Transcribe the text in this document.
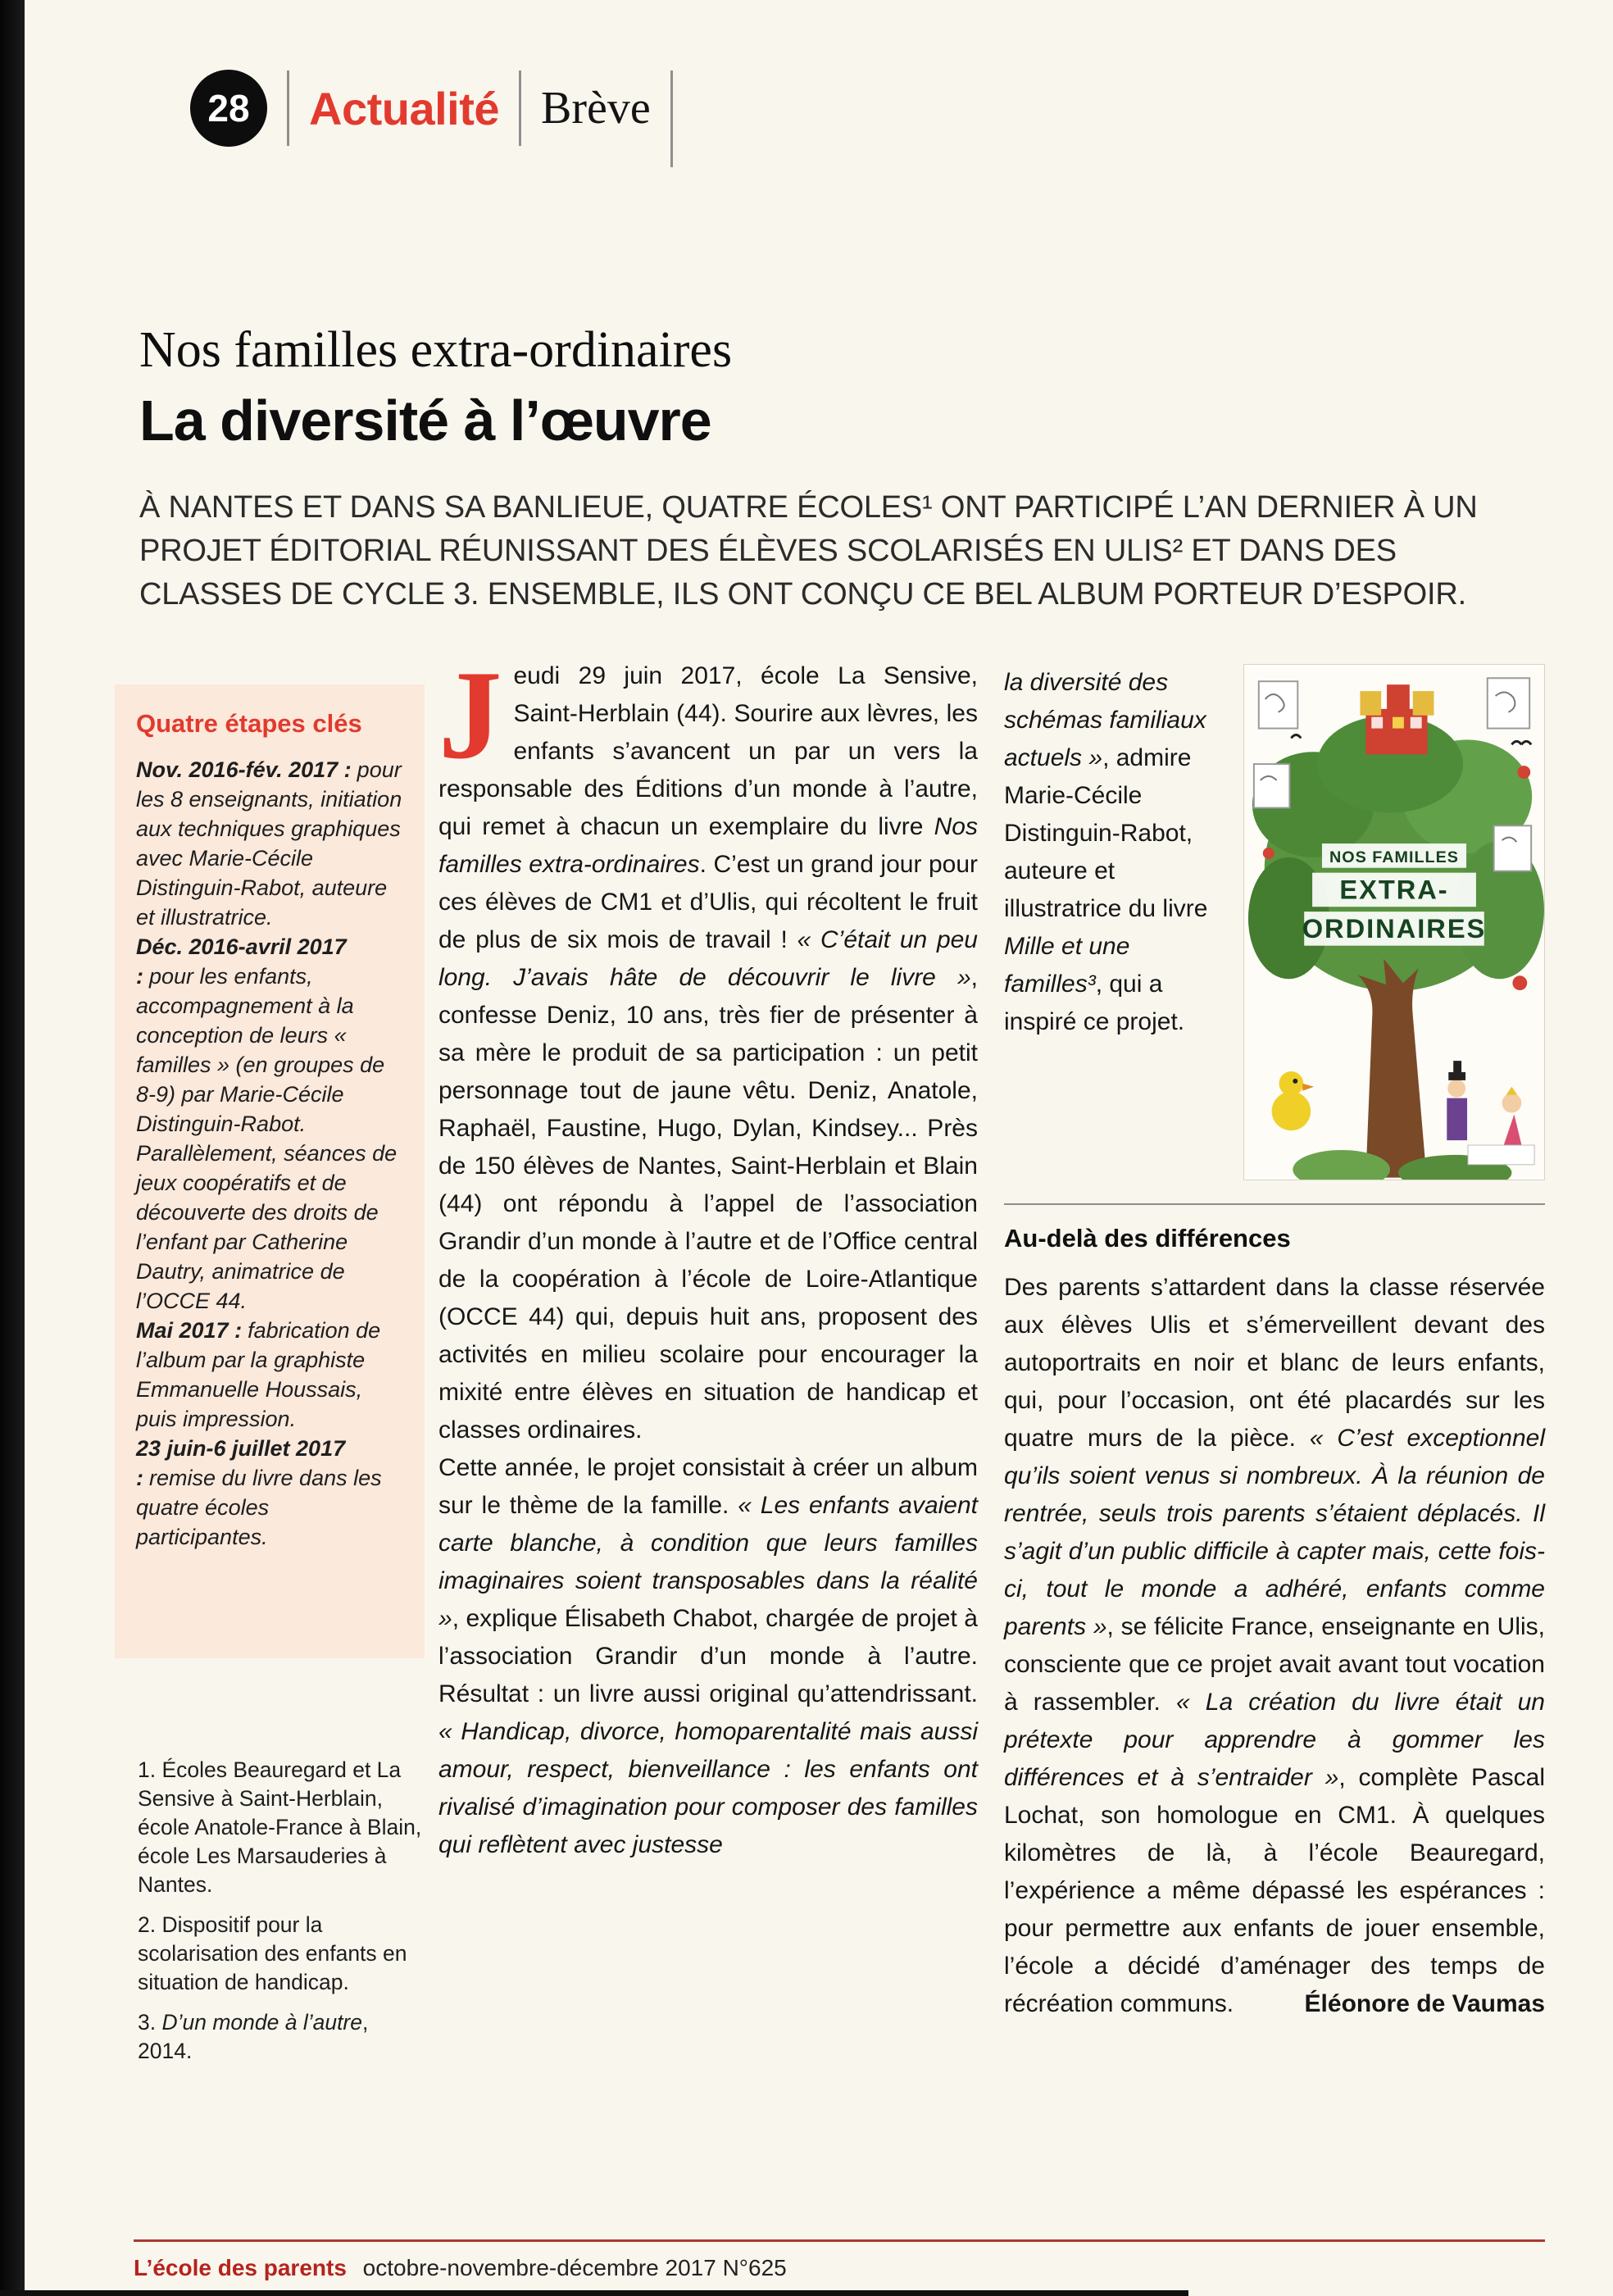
28	Actualité Brève
Nos familles extra-ordinaires
La diversité à l’œuvre

À NANTES ET DANS SA BANLIEUE, QUATRE ÉCOLES¹ ONT PARTICIPÉ L’AN DERNIER À UN PROJET ÉDITORIAL RÉUNISSANT DES ÉLÈVES SCOLARISÉS EN ULIS² ET DANS DES CLASSES DE CYCLE 3. ENSEMBLE, ILS ONT CONÇU CE BEL ALBUM PORTEUR D’ESPOIR.

Quatre étapes clés

Nov. 2016-fév. 2017 : pour les 8 enseignants, initiation aux techniques graphiques avec Marie-Cécile Distinguin-Rabot, auteure et illustratrice.

Déc. 2016-avril 2017 : pour les enfants, accompagnement à la conception de leurs « familles » (en groupes de 8-9) par Marie-Cécile Distinguin-Rabot. Parallèlement, séances de jeux coopératifs et de découverte des droits de l’enfant par Catherine Dautry, animatrice de l’OCCE 44.

Mai 2017 : fabrication de l’album par la graphiste Emmanuelle Houssais, puis impression.

23 juin-6 juillet 2017 : remise du livre dans les quatre écoles participantes.

1. Écoles Beauregard et La Sensive à Saint-Herblain, école Anatole-France à Blain, école Les Marsauderies à Nantes.

2. Dispositif pour la scolarisation des enfants en situation de handicap.

3. D’un monde à l’autre, 2014.

Jeudi 29 juin 2017, école La Sensive, Saint-Herblain (44). Sourire aux lèvres, les enfants s’avancent un par un vers la responsable des Éditions d’un monde à l’autre, qui remet à chacun un exemplaire du livre Nos familles extra-ordinaires. C’est un grand jour pour ces élèves de CM1 et d’Ulis, qui récoltent le fruit de plus de six mois de travail ! « C’était un peu long. J’avais hâte de découvrir le livre », confesse Deniz, 10 ans, très fier de présenter à sa mère le produit de sa participation : un petit personnage tout de jaune vêtu. Deniz, Anatole, Raphaël, Faustine, Hugo, Dylan, Kindsey... Près de 150 élèves de Nantes, Saint-Herblain et Blain (44) ont répondu à l’appel de l’association Grandir d’un monde à l’autre et de l’Office central de la coopération à l’école de Loire-Atlantique (OCCE 44) qui, depuis huit ans, proposent des activités en milieu scolaire pour encourager la mixité entre élèves en situation de handicap et classes ordinaires.

Cette année, le projet consistait à créer un album sur le thème de la famille. « Les enfants avaient carte blanche, à condition que leurs familles imaginaires soient transposables dans la réalité », explique Élisabeth Chabot, chargée de projet à l’association Grandir d’un monde à l’autre. Résultat : un livre aussi original qu’attendrissant. « Handicap, divorce, homoparentalité mais aussi amour, respect, bienveillance : les enfants ont rivalisé d’imagination pour composer des familles qui reflètent avec justesse

la diversité des schémas familiaux actuels », admire Marie-Cécile Distinguin-Rabot, auteure et illustratrice du livre Mille et une familles³, qui a inspiré ce projet.

NOS FAMILLES
EXTRA-
ORDINAIRES
Au-delà des différences

Des parents s’attardent dans la classe réservée aux élèves Ulis et s’émerveillent devant des autoportraits en noir et blanc de leurs enfants, qui, pour l’occasion, ont été placardés sur les quatre murs de la pièce. « C’est exceptionnel qu’ils soient venus si nombreux. À la réunion de rentrée, seuls trois parents s’étaient déplacés. Il s’agit d’un public difficile à capter mais, cette fois-ci, tout le monde a adhéré, enfants comme parents », se félicite France, enseignante en Ulis, consciente que ce projet avait avant tout vocation à rassembler. « La création du livre était un prétexte pour apprendre à gommer les différences et à s’entraider », complète Pascal Lochat, son homologue en CM1. À quelques kilomètres de là, à l’école Beauregard, l’expérience a même dépassé les espérances : pour permettre aux enfants de jouer ensemble, l’école a décidé d’aménager des temps de récréation communs.	Éléonore de Vaumas
L’école des parents octobre-novembre-décembre 2017 N°625
